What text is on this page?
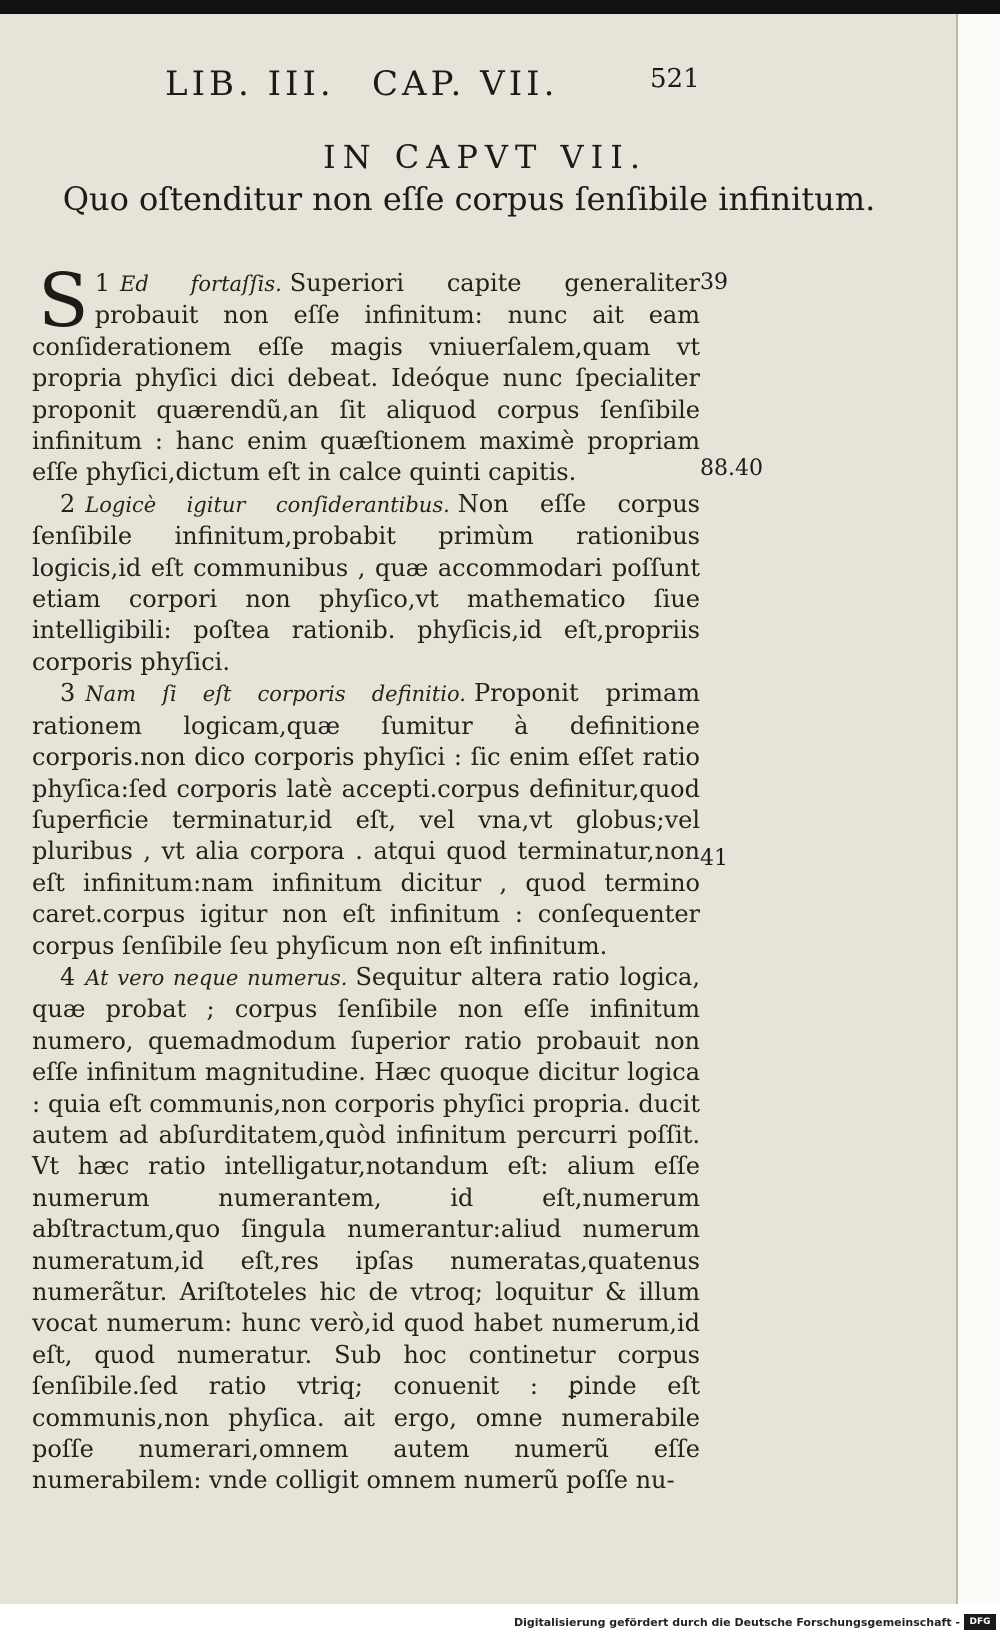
LIB. III. CAP. VII.	521
IN CAPVT VII.
Quo oſtenditur non eſſe corpus ſenſibile infinitum.

1
S Ed fortaſſis. Superiori capite generaliter probauit non eſſe infinitum: nunc ait eam conſiderationem eſſe magis vniuerſalem,quam vt propria phyſici dici debeat. Ideóque nunc ſpecialiter proponit quærendũ,an ſit aliquod corpus ſenſibile infinitum : hanc enim quæſtionem maximè propriam eſſe phyſici,dictum eſt in calce quinti capitis.

2 Logicè igitur conſiderantibus. Non eſſe corpus ſenſibile infinitum,probabit primùm rationibus logicis,id eſt communibus , quæ accommodari poſſunt etiam corpori non phyſico,vt mathematico ſiue intelligibili: poſtea rationib. phyſicis,id eſt,propriis corporis phyſici.

3 Nam ſi eſt corporis definitio. Proponit primam rationem logicam,quæ ſumitur à definitione corporis.non dico corporis phyſici : ſic enim eſſet ratio phyſica:ſed corporis latè accepti.corpus definitur,quod ſuperficie terminatur,id eſt, vel vna,vt globus;vel pluribus , vt alia corpora . atqui quod terminatur,non eſt infinitum:nam infinitum dicitur , quod termino caret.corpus igitur non eſt infinitum : conſequenter corpus ſenſibile ſeu phyſicum non eſt infinitum.

4 At vero neque numerus. Sequitur altera ratio logica, quæ probat ; corpus ſenſibile non eſſe infinitum numero, quemadmodum ſuperior ratio probauit non eſſe infinitum magnitudine. Hæc quoque dicitur logica : quia eſt communis,non corporis phyſici propria. ducit autem ad abſurditatem,quòd infinitum percurri poſſit. Vt hæc ratio intelligatur,notandum eſt: alium eſſe numerum numerantem, id eſt,numerum abſtractum,quo ſingula numerantur:aliud numerum numeratum,id eſt,res ipſas numeratas,quatenus numerãtur. Ariſtoteles hic de vtroq; loquitur & illum vocat numerum: hunc verò,id quod habet numerum,id eſt, quod numeratur. Sub hoc continetur corpus ſenſibile.ſed ratio vtriq; conuenit : ꝑinde eſt communis,non phyſica. ait ergo, omne numerabile poſſe numerari,omnem autem numerũ eſſe numerabilem: vnde colligit omnem numerũ poſſe nu-

39
88.40
41
Digitalisierung gefördert durch die Deutsche Forschungsgemeinschaft -	DFG
